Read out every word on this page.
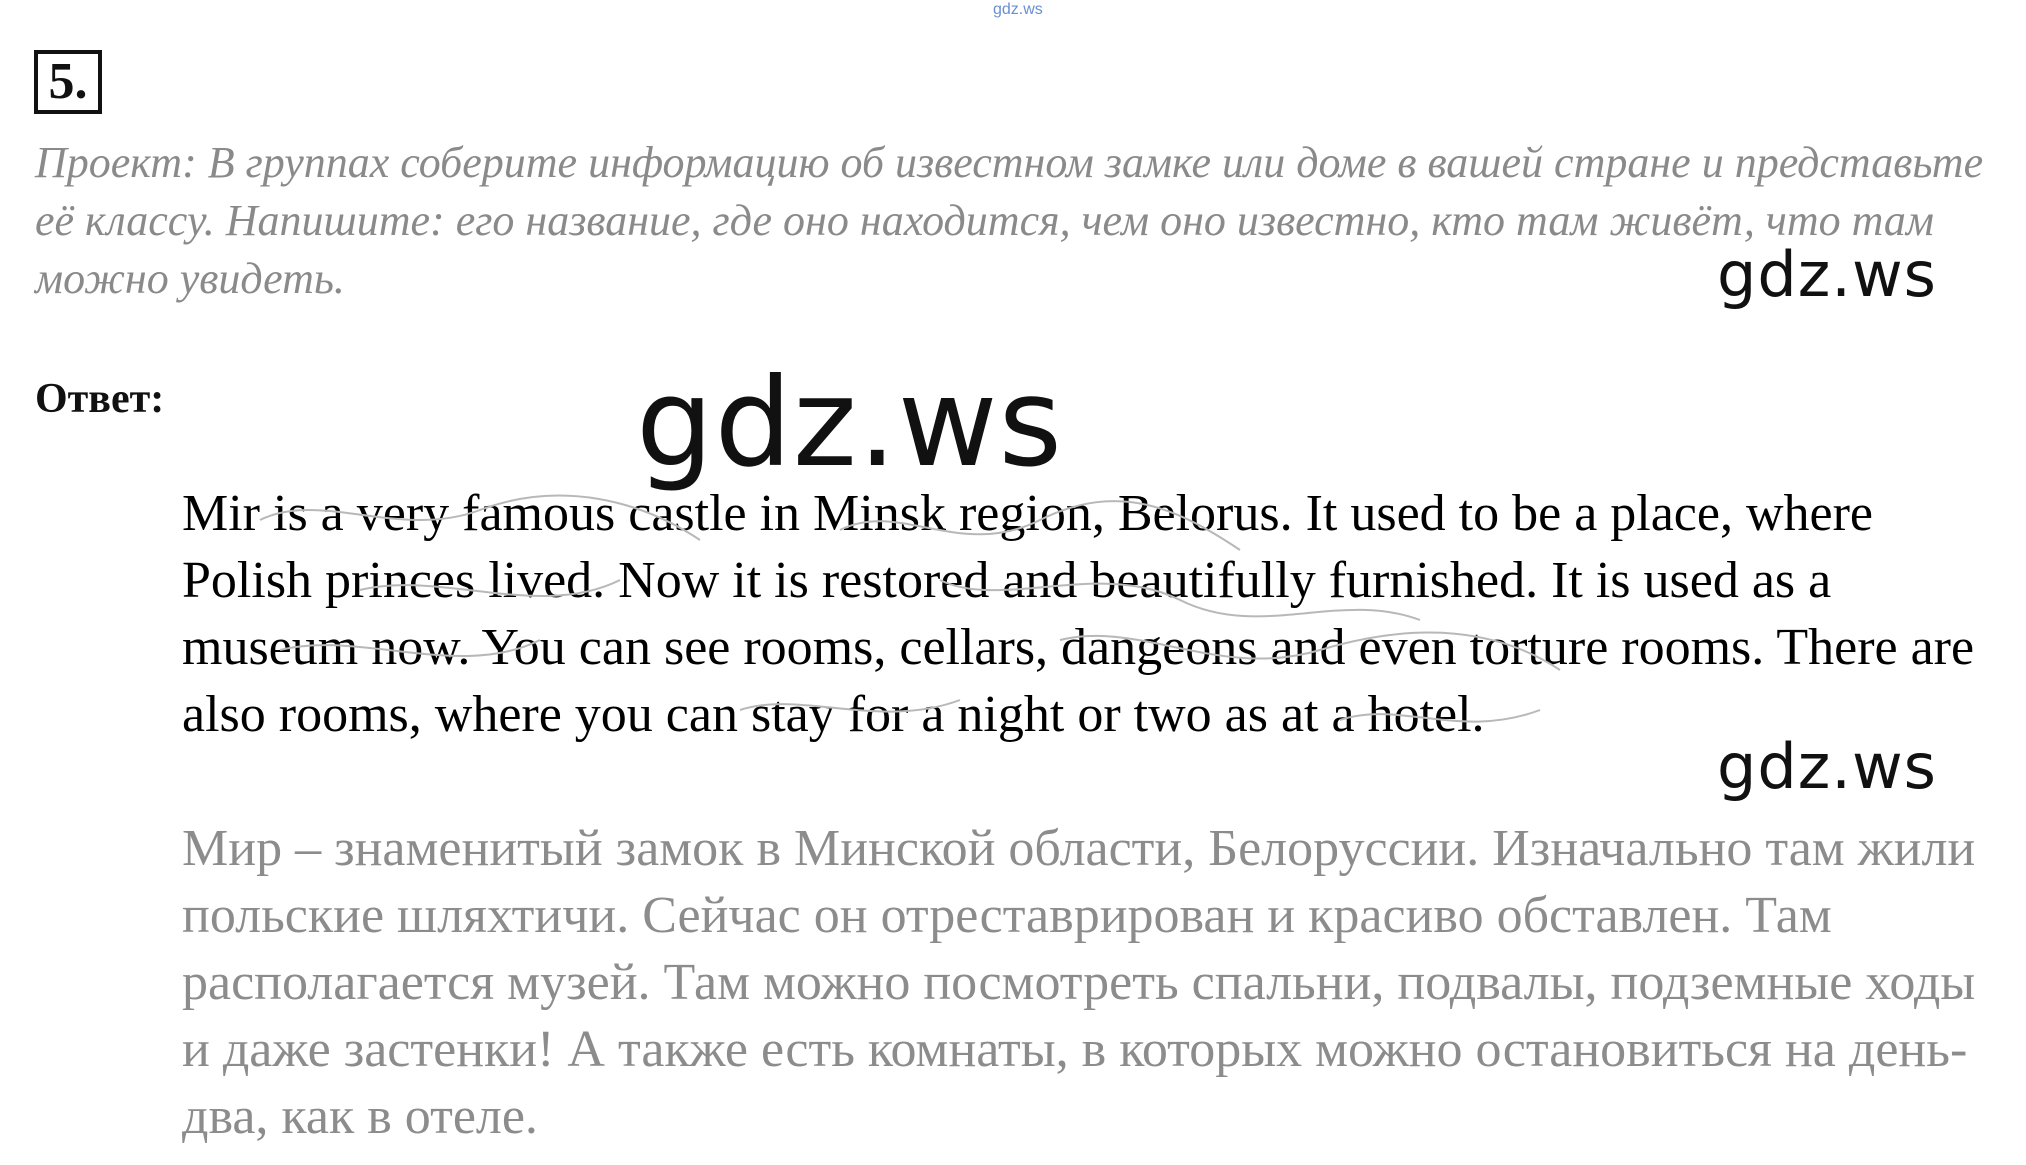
gdz.ws
5.

Проект: В группах соберите информацию об известном замке или доме в вашей стране и представьте её классу. Напишите: его название, где оно находится, чем оно известно, кто там живёт, что там можно увидеть.	gdz.ws
Ответ:	gdz.ws

Mir is a very famous castle in Minsk region, Belorus. It used to be a place, where Polish princes lived. Now it is restored and beautifully furnished. It is used as a museum now. You can see rooms, cellars, dangeons and even torture rooms. There are also rooms, where you can stay for a night or two as at a hotel.

gdz.ws

Мир – знаменитый замок в Минской области, Белоруссии. Изначально там жили польские шляхтичи. Сейчас он отреставрирован и красиво обставлен. Там располагается музей. Там можно посмотреть спальни, подвалы, подземные ходы и даже застенки! А также есть комнаты, в которых можно остановиться на день-два, как в отеле.
